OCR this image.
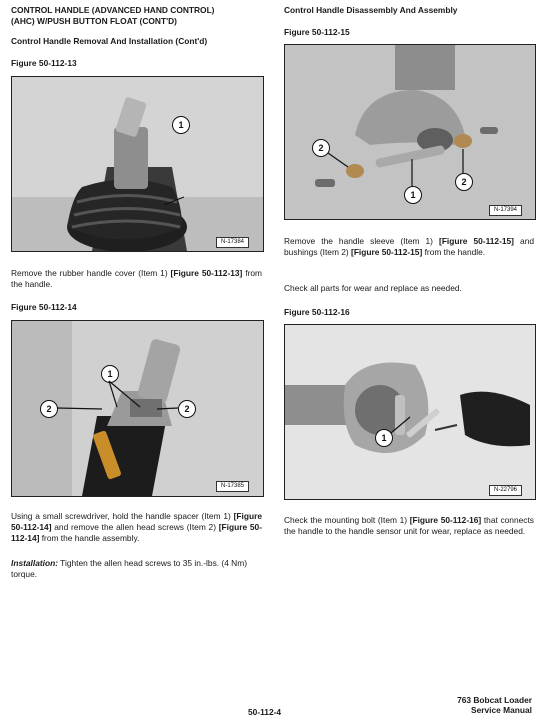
CONTROL HANDLE (ADVANCED HAND CONTROL)
(AHC) W/PUSH BUTTON FLOAT (CONT'D)
Control Handle Removal And Installation (Cont'd)
Figure 50-112-13
1
N-17384
Remove the rubber handle cover (Item 1) [Figure 50-112-13] from the handle.
Figure 50-112-14
1
2	2
N-17385
Using a small screwdriver, hold the handle spacer (Item 1) [Figure 50-112-14] and remove the allen head screws (Item 2) [Figure 50-112-14] from the handle assembly.
Installation: Tighten the allen head screws to 35 in.-lbs. (4 Nm) torque.
Control Handle Disassembly And Assembly
Figure 50-112-15
2
1
2
N-17394
Remove the handle sleeve (Item 1) [Figure 50-112-15] and bushings (Item 2) [Figure 50-112-15] from the handle.
Check all parts for wear and replace as needed.
Figure 50-112-16
1
N-22796
Check the mounting bolt (Item 1) [Figure 50-112-16] that connects the handle to the handle sensor unit for wear, replace as needed.
50-112-4
763 Bobcat Loader
Service Manual
